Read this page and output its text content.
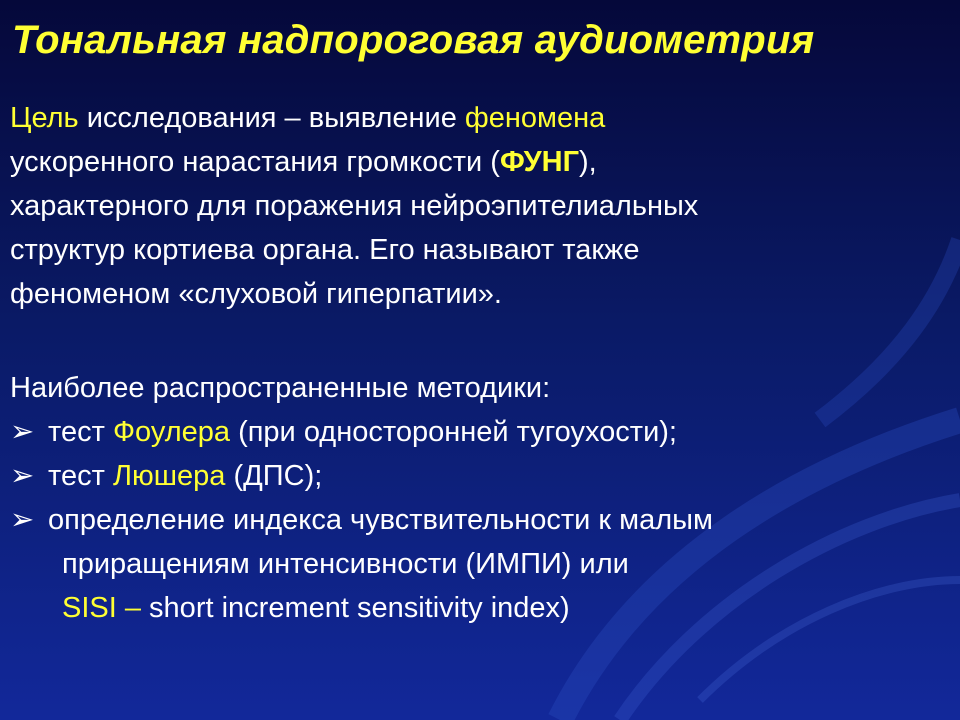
Тональная надпороговая аудиометрия
Цель исследования – выявление феномена
ускоренного нарастания громкости (ФУНГ),
характерного для поражения нейроэпителиальных
структур кортиева органа. Его называют также
феноменом «слуховой гиперпатии».
Наиболее распространенные методики:
➢ тест Фоулера (при односторонней тугоухости);
➢ тест Люшера (ДПС);
➢ определение индекса чувствительности к малым
приращениям интенсивности (ИМПИ) или
SISI – short increment sensitivity index)
